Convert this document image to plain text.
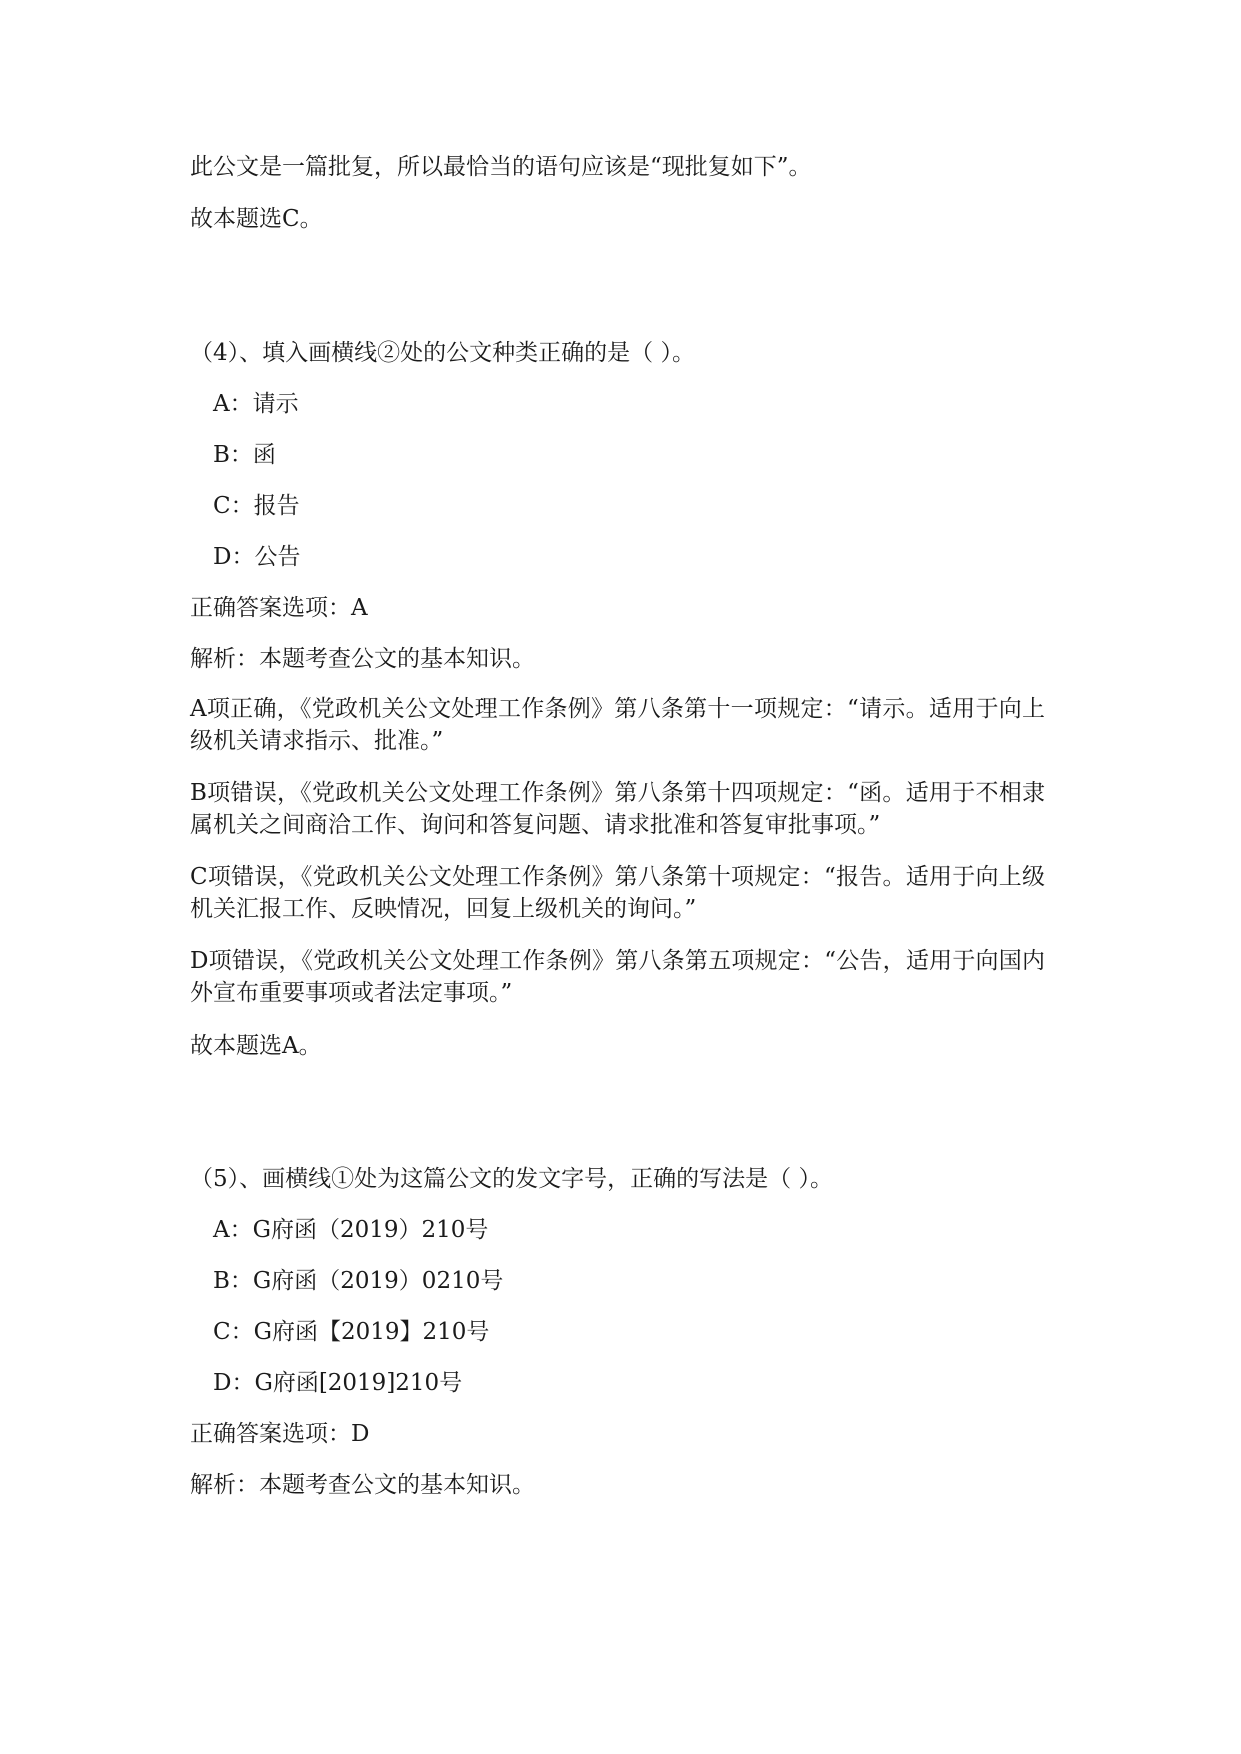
此公文是一篇批复，所以最恰当的语句应该是“现批复如下”。
故本题选C。
（4）、填入画横线②处的公文种类正确的是（ ）。
A：请示
B：函
C：报告
D：公告
正确答案选项：A
解析：本题考查公文的基本知识。
A项正确，《党政机关公文处理工作条例》第八条第十一项规定：“请示。适用于向上级机关请求指示、批准。”
B项错误，《党政机关公文处理工作条例》第八条第十四项规定：“函。适用于不相隶属机关之间商洽工作、询问和答复问题、请求批准和答复审批事项。”
C项错误，《党政机关公文处理工作条例》第八条第十项规定：“报告。适用于向上级机关汇报工作、反映情况，回复上级机关的询问。”
D项错误，《党政机关公文处理工作条例》第八条第五项规定：“公告，适用于向国内外宣布重要事项或者法定事项。”
故本题选A。
（5）、画横线①处为这篇公文的发文字号，正确的写法是（ ）。
A：G府函（2019）210号
B：G府函（2019）0210号
C：G府函【2019】210号
D：G府函[2019]210号
正确答案选项：D
解析：本题考查公文的基本知识。
